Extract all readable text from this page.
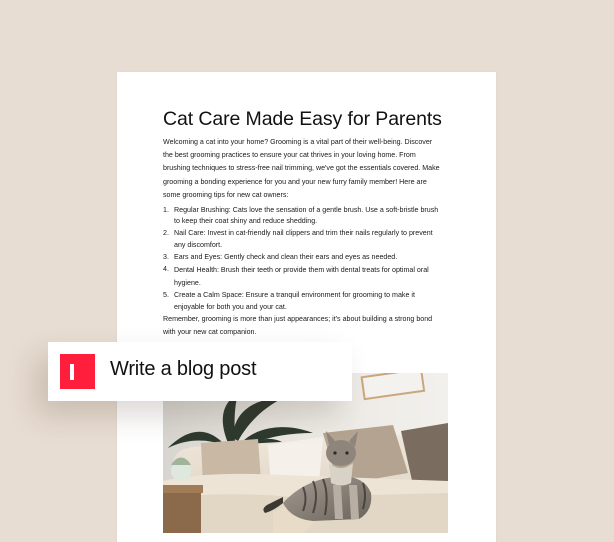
Cat Care Made Easy for Parents
Welcoming a cat into your home? Grooming is a vital part of their well-being. Discover the best grooming practices to ensure your cat thrives in your loving home. From brushing techniques to stress-free nail trimming, we've got the essentials covered. Make grooming a bonding experience for you and your new furry family member! Here are some grooming tips for new cat owners:
1. Regular Brushing: Cats love the sensation of a gentle brush. Use a soft-bristle brush to keep their coat shiny and reduce shedding.
2. Nail Care: Invest in cat-friendly nail clippers and trim their nails regularly to prevent any discomfort.
3. Ears and Eyes: Gently check and clean their ears and eyes as needed.
4. Dental Health: Brush their teeth or provide them with dental treats for optimal oral hygiene.
5. Create a Calm Space: Ensure a tranquil environment for grooming to make it enjoyable for both you and your cat.
Remember, grooming is more than just appearances; it's about building a strong bond with your new cat companion.
Write a blog post
